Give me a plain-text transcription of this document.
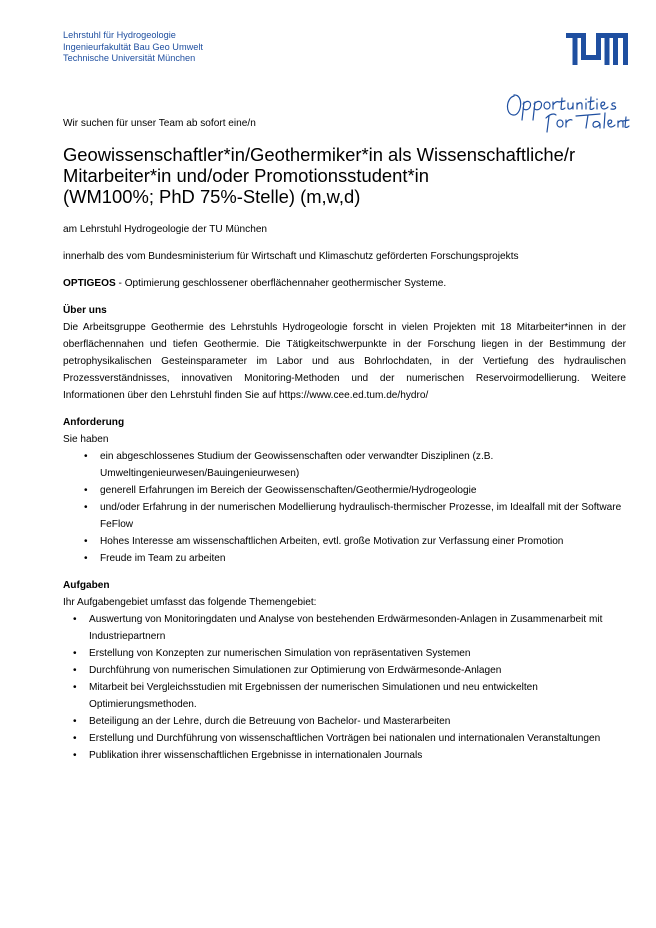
Lehrstuhl für Hydrogeologie
Ingenieurfakultät Bau Geo Umwelt
Technische Universität München

Wir suchen für unser Team ab sofort eine/n

Geowissenschaftler*in/Geothermiker*in als Wissenschaftliche/r
Mitarbeiter*in und/oder Promotionsstudent*in
(WM100%; PhD 75%-Stelle) (m,w,d)

am Lehrstuhl Hydrogeologie der TU München

innerhalb des vom Bundesministerium für Wirtschaft und Klimaschutz geförderten Forschungsprojekts

OPTIGEOS - Optimierung geschlossener oberflächennaher geothermischer Systeme.

Über uns

Die Arbeitsgruppe Geothermie des Lehrstuhls Hydrogeologie forscht in vielen Projekten mit 18 Mitarbeiter*innen in der oberflächennahen und tiefen Geothermie. Die Tätigkeitschwerpunkte in der Forschung liegen in der Bestimmung der petrophysikalischen Gesteinsparameter im Labor und aus Bohrlochdaten, in der Vertiefung des hydraulischen Prozessverständnisses, innovativen Monitoring-Methoden und der numerischen Reservoirmodellierung. Weitere Informationen über den Lehrstuhl finden Sie auf https://www.cee.ed.tum.de/hydro/

Anforderung
Sie haben
• ein abgeschlossenes Studium der Geowissenschaften oder verwandter Disziplinen (z.B. Umweltingenieurwesen/Bauingenieurwesen)
• generell Erfahrungen im Bereich der Geowissenschaften/Geothermie/Hydrogeologie
• und/oder Erfahrung in der numerischen Modellierung hydraulisch-thermischer Prozesse, im Idealfall mit der Software FeFlow
• Hohes Interesse am wissenschaftlichen Arbeiten, evtl. große Motivation zur Verfassung einer Promotion
• Freude im Team zu arbeiten
Aufgaben
Ihr Aufgabengebiet umfasst das folgende Themengebiet:
• Auswertung von Monitoringdaten und Analyse von bestehenden Erdwärmesonden-Anlagen in Zusammenarbeit mit Industriepartnern
• Erstellung von Konzepten zur numerischen Simulation von repräsentativen Systemen
• Durchführung von numerischen Simulationen zur Optimierung von Erdwärmesonde-Anlagen
• Mitarbeit bei Vergleichsstudien mit Ergebnissen der numerischen Simulationen und neu entwickelten Optimierungsmethoden.
• Beteiligung an der Lehre, durch die Betreuung von Bachelor- und Masterarbeiten
• Erstellung und Durchführung von wissenschaftlichen Vorträgen bei nationalen und internationalen Veranstaltungen
• Publikation ihrer wissenschaftlichen Ergebnisse in internationalen Journals
